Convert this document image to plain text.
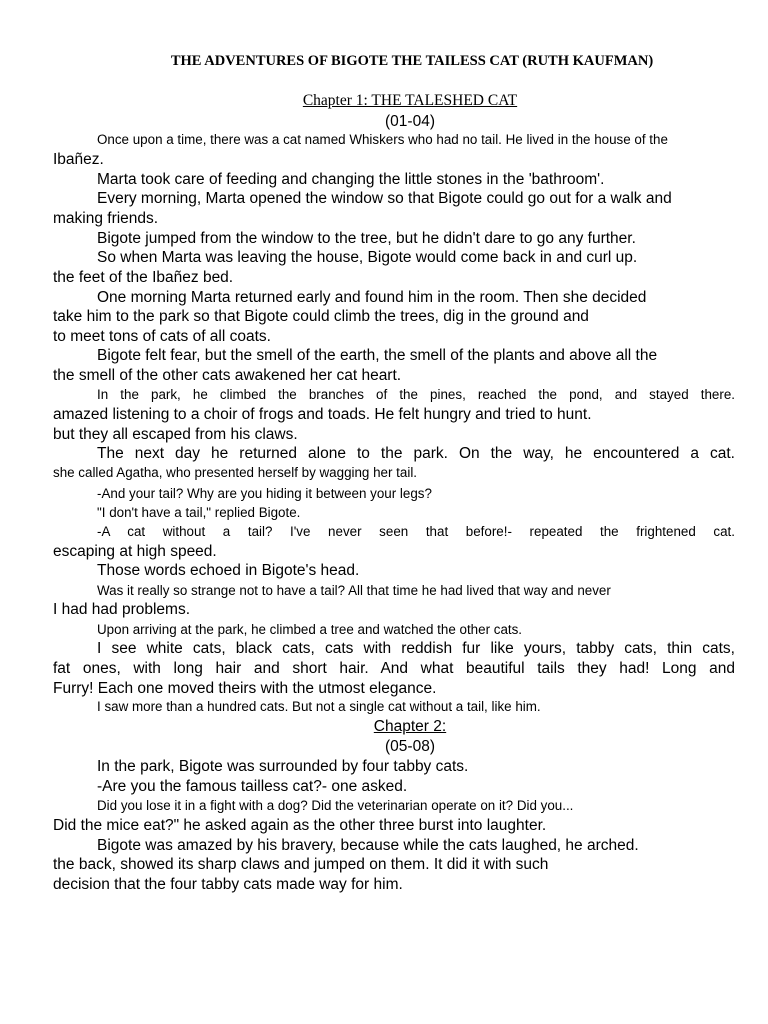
THE ADVENTURES OF BIGOTE THE TAILESS CAT (RUTH KAUFMAN)
Chapter 1: THE TALESHED CAT
(01-04)
Once upon a time, there was a cat named Whiskers who had no tail. He lived in the house of the
Ibañez.
Marta took care of feeding and changing the little stones in the 'bathroom'.
Every morning, Marta opened the window so that Bigote could go out for a walk and
making friends.
Bigote jumped from the window to the tree, but he didn't dare to go any further.
So when Marta was leaving the house, Bigote would come back in and curl up.
the feet of the Ibañez bed.
One morning Marta returned early and found him in the room. Then she decided
take him to the park so that Bigote could climb the trees, dig in the ground and
to meet tons of cats of all coats.
Bigote felt fear, but the smell of the earth, the smell of the plants and above all the
the smell of the other cats awakened her cat heart.
In the park, he climbed the branches of the pines, reached the pond, and stayed there.
amazed listening to a choir of frogs and toads. He felt hungry and tried to hunt.
but they all escaped from his claws.
The next day he returned alone to the park. On the way, he encountered a cat.
she called Agatha, who presented herself by wagging her tail.
-And your tail? Why are you hiding it between your legs?
"I don't have a tail," replied Bigote.
-A cat without a tail? I've never seen that before!- repeated the frightened cat.
escaping at high speed.
Those words echoed in Bigote's head.
Was it really so strange not to have a tail? All that time he had lived that way and never
I had had problems.
Upon arriving at the park, he climbed a tree and watched the other cats.
I see white cats, black cats, cats with reddish fur like yours, tabby cats, thin cats,
fat ones, with long hair and short hair. And what beautiful tails they had! Long and
Furry! Each one moved theirs with the utmost elegance.
I saw more than a hundred cats. But not a single cat without a tail, like him.
Chapter 2:
(05-08)
In the park, Bigote was surrounded by four tabby cats.
-Are you the famous tailless cat?- one asked.
Did you lose it in a fight with a dog? Did the veterinarian operate on it? Did you...
Did the mice eat?" he asked again as the other three burst into laughter.
Bigote was amazed by his bravery, because while the cats laughed, he arched.
the back, showed its sharp claws and jumped on them. It did it with such
decision that the four tabby cats made way for him.
